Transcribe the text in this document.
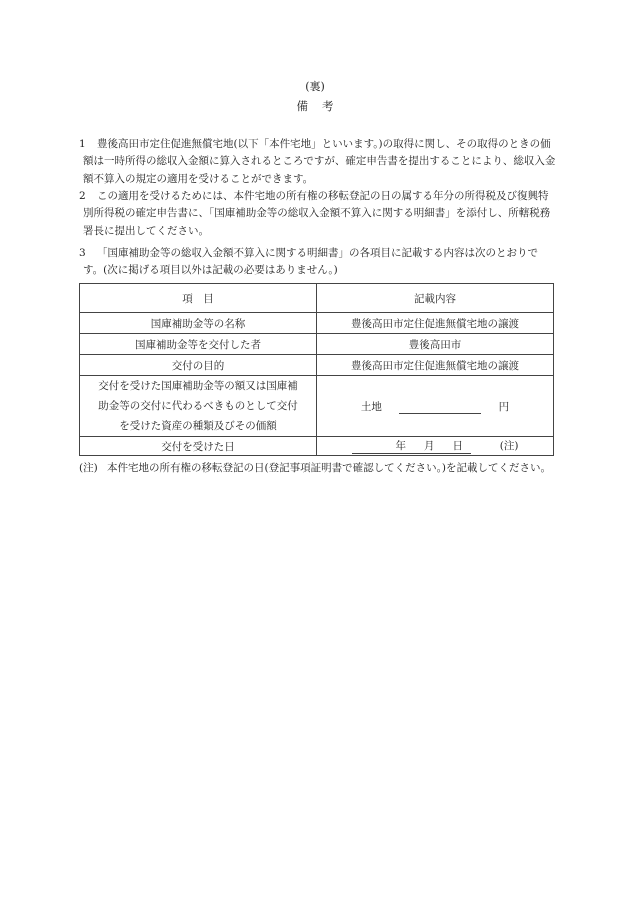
(裏)
備考
1	豊後高田市定住促進無償宅地(以下「本件宅地」といいます。)の取得に関し、その取得のときの価額は一時所得の総収入金額に算入されるところですが、確定申告書を提出することにより、総収入金額不算入の規定の適用を受けることができます。
2	この適用を受けるためには、本件宅地の所有権の移転登記の日の属する年分の所得税及び復興特別所得税の確定申告書に、「国庫補助金等の総収入金額不算入に関する明細書」を添付し、所轄税務署長に提出してください。
3	「国庫補助金等の総収入金額不算入に関する明細書」の各項目に記載する内容は次のとおりです。(次に掲げる項目以外は記載の必要はありません。)
項　目	記載内容
国庫補助金等の名称	豊後高田市定住促進無償宅地の譲渡
国庫補助金等を交付した者	豊後高田市
交付の目的	豊後高田市定住促進無償宅地の譲渡

交付を受けた国庫補助金等の額又は国庫補
助金等の交付に代わるべきものとして交付
を受けた資産の種類及びその価額	土地 円
交付を受けた日	年 月 日 (注)
(注) 本件宅地の所有権の移転登記の日(登記事項証明書で確認してください。)を記載してください。
